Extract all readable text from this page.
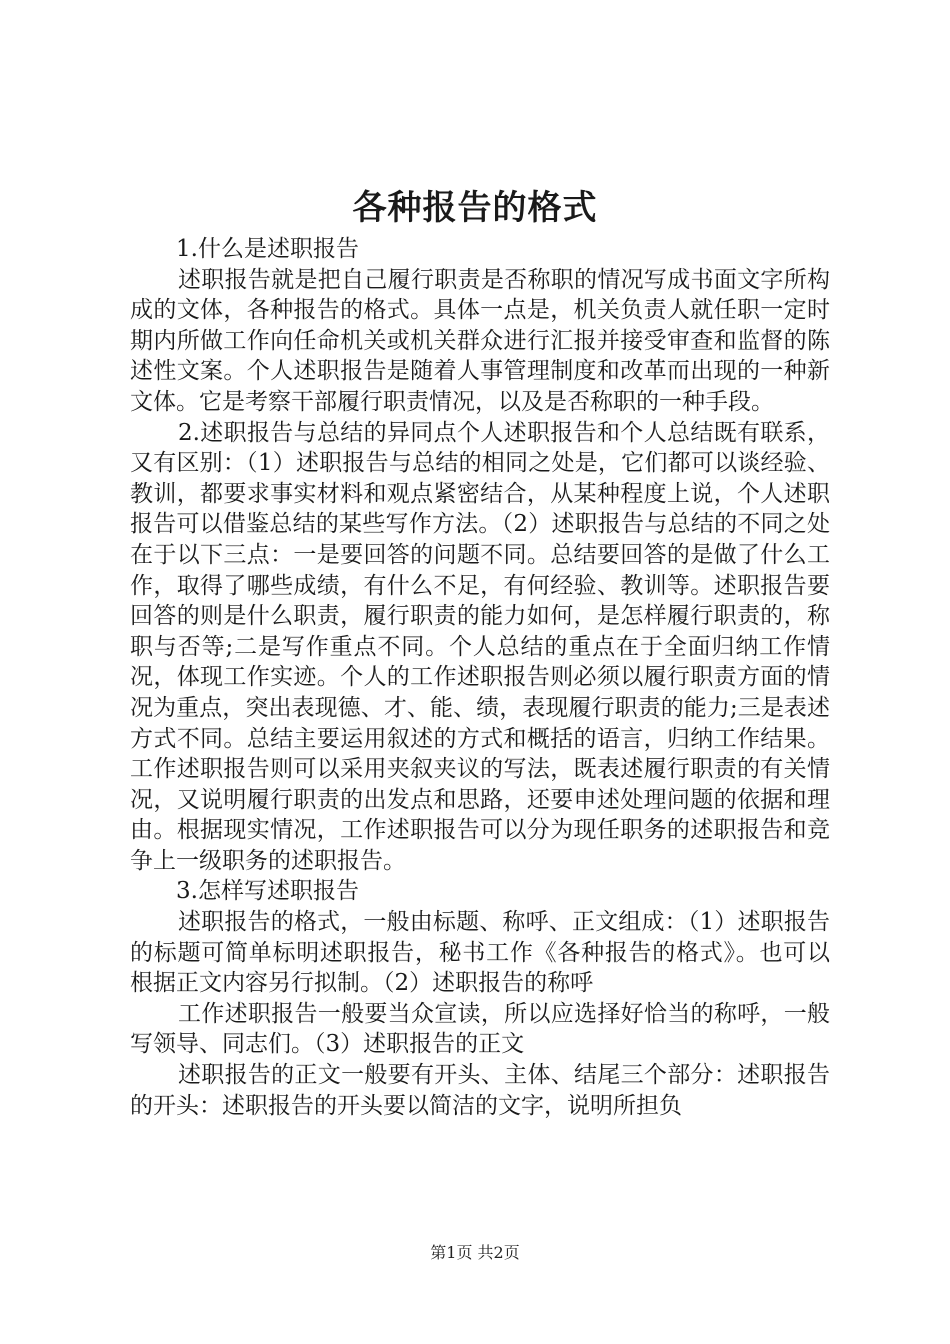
各种报告的格式

1.什么是述职报告

述职报告就是把自己履行职责是否称职的情况写成书面文字所构成的文体，各种报告的格式。具体一点是，机关负责人就任职一定时期内所做工作向任命机关或机关群众进行汇报并接受审查和监督的陈述性文案。个人述职报告是随着人事管理制度和改革而出现的一种新文体。它是考察干部履行职责情况，以及是否称职的一种手段。

2.述职报告与总结的异同点个人述职报告和个人总结既有联系，又有区别：（1）述职报告与总结的相同之处是，它们都可以谈经验、教训，都要求事实材料和观点紧密结合，从某种程度上说，个人述职报告可以借鉴总结的某些写作方法。（2）述职报告与总结的不同之处在于以下三点：一是要回答的问题不同。总结要回答的是做了什么工作，取得了哪些成绩，有什么不足，有何经验、教训等。述职报告要回答的则是什么职责，履行职责的能力如何，是怎样履行职责的，称职与否等;二是写作重点不同。个人总结的重点在于全面归纳工作情况，体现工作实迹。个人的工作述职报告则必须以履行职责方面的情况为重点，突出表现德、才、能、绩，表现履行职责的能力;三是表述方式不同。总结主要运用叙述的方式和概括的语言，归纳工作结果。工作述职报告则可以采用夹叙夹议的写法，既表述履行职责的有关情况，又说明履行职责的出发点和思路，还要申述处理问题的依据和理由。根据现实情况，工作述职报告可以分为现任职务的述职报告和竞争上一级职务的述职报告。

3.怎样写述职报告

述职报告的格式，一般由标题、称呼、正文组成：（1）述职报告的标题可简单标明述职报告，秘书工作《各种报告的格式》。也可以根据正文内容另行拟制。（2）述职报告的称呼

工作述职报告一般要当众宣读，所以应选择好恰当的称呼，一般写领导、同志们。（3）述职报告的正文

述职报告的正文一般要有开头、主体、结尾三个部分：述职报告的开头：述职报告的开头要以简洁的文字，说明所担负

第1页 共2页
